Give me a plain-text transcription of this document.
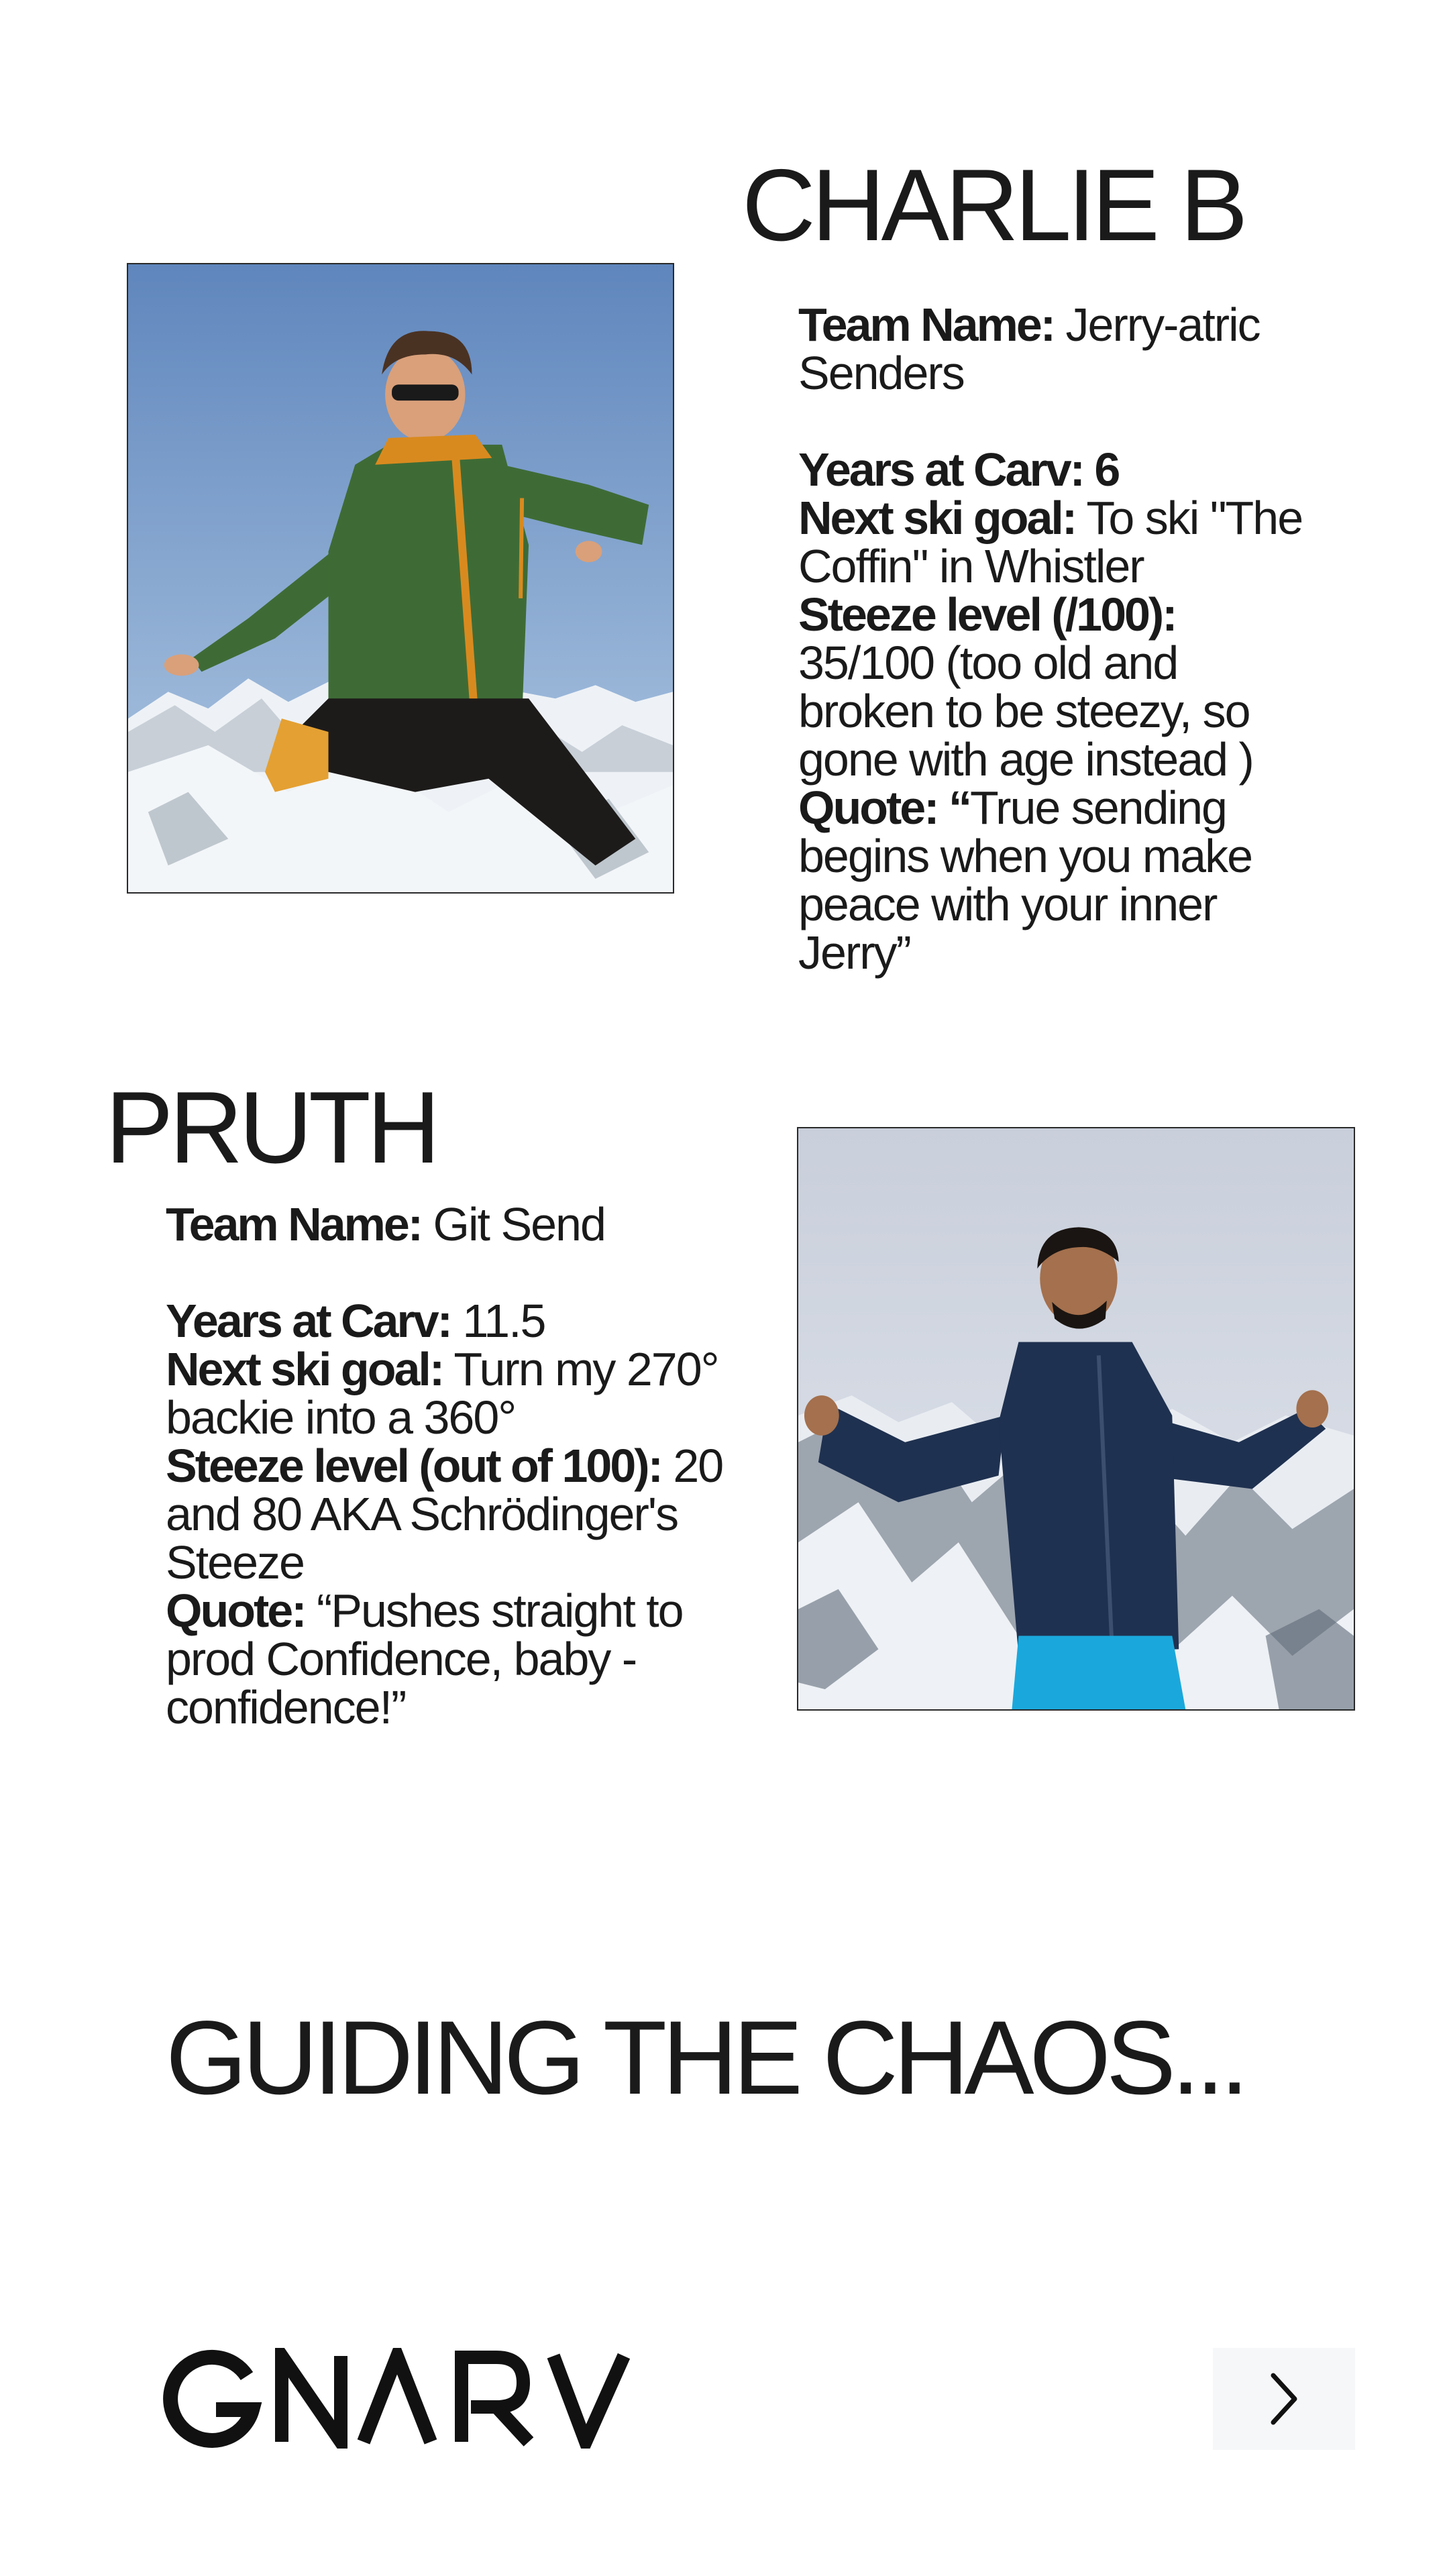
CHARLIE B

Team Name: Jerry-atric Senders

Years at Carv: 6

Next ski goal: To ski "The Coffin" in Whistler

Steeze level (/100): 35/100 (too old and broken to be steezy, so gone with age instead )

Quote: “True sending begins when you make peace with your inner Jerry”

PRUTH

Team Name: Git Send

Years at Carv: 11.5

Next ski goal: Turn my 270° backie into a 360°

Steeze level (out of 100): 20 and 80 AKA Schrödinger's Steeze

Quote: “Pushes straight to prod Confidence, baby - confidence!”

GUIDING THE CHAOS...
